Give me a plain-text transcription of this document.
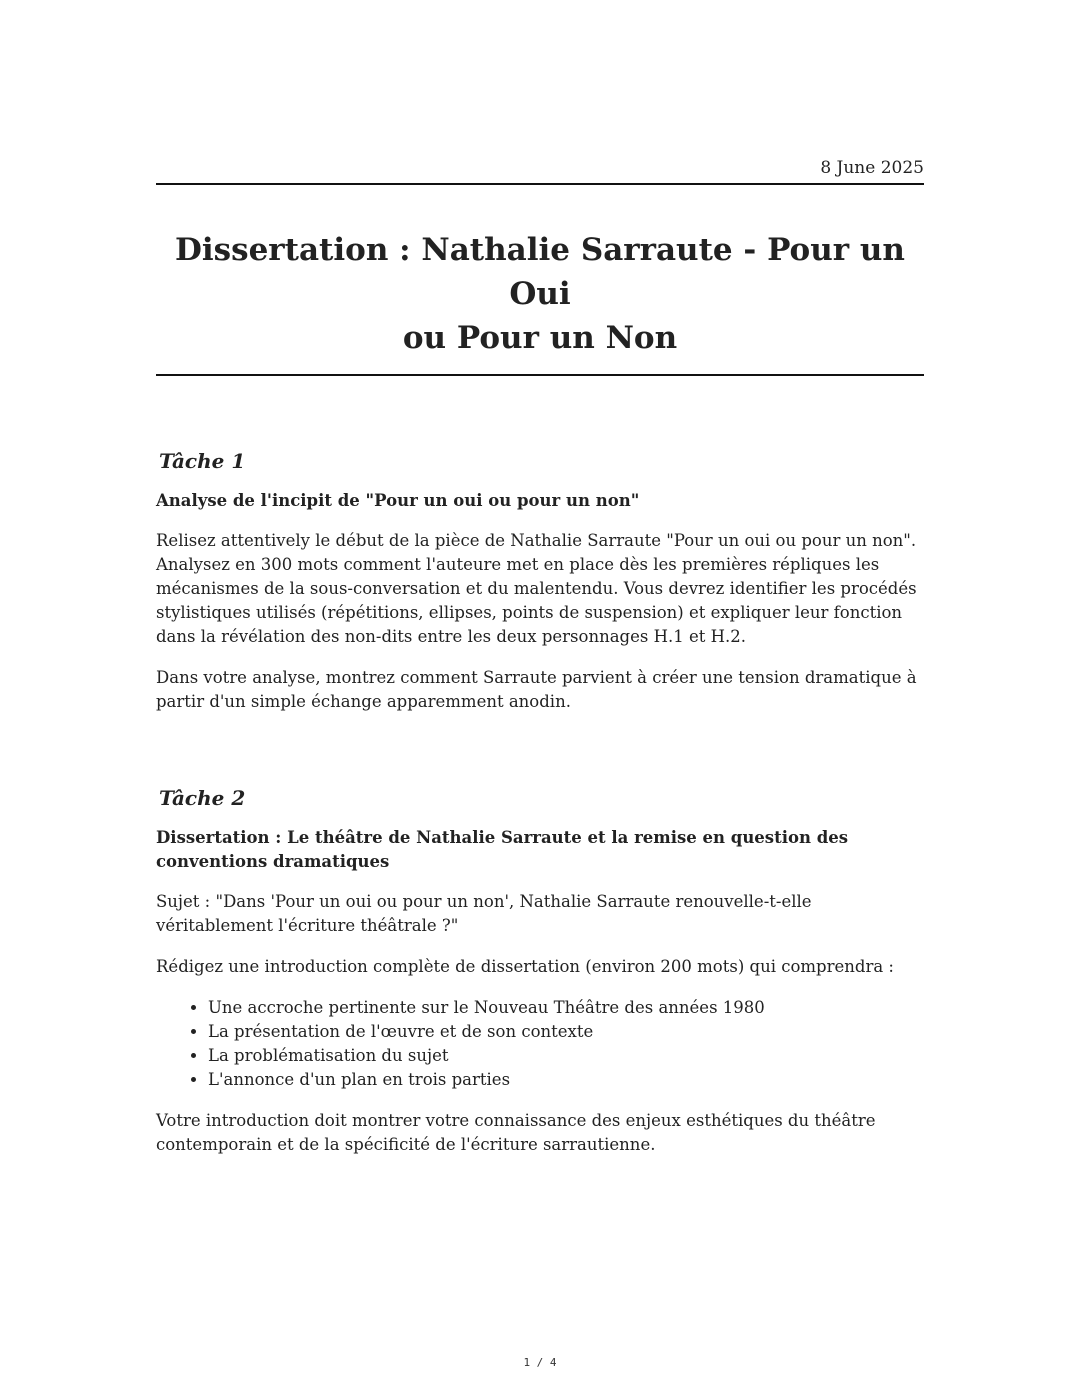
8 June 2025
Dissertation : Nathalie Sarraute - Pour un Oui
ou Pour un Non
Tâche 1

Analyse de l'incipit de "Pour un oui ou pour un non"

Relisez attentively le début de la pièce de Nathalie Sarraute "Pour un oui ou pour un non". Analysez en 300 mots comment l'auteure met en place dès les premières répliques les mécanismes de la sous-conversation et du malentendu. Vous devrez identifier les procédés stylistiques utilisés (répétitions, ellipses, points de suspension) et expliquer leur fonction dans la révélation des non-dits entre les deux personnages H.1 et H.2.

Dans votre analyse, montrez comment Sarraute parvient à créer une tension dramatique à partir d'un simple échange apparemment anodin.

Tâche 2

Dissertation : Le théâtre de Nathalie Sarraute et la remise en question des conventions dramatiques

Sujet : "Dans 'Pour un oui ou pour un non', Nathalie Sarraute renouvelle-t-elle véritablement l'écriture théâtrale ?"

Rédigez une introduction complète de dissertation (environ 200 mots) qui comprendra :

• Une accroche pertinente sur le Nouveau Théâtre des années 1980
• La présentation de l'œuvre et de son contexte
• La problématisation du sujet
• L'annonce d'un plan en trois parties

Votre introduction doit montrer votre connaissance des enjeux esthétiques du théâtre contemporain et de la spécificité de l'écriture sarrautienne.

1 / 4
